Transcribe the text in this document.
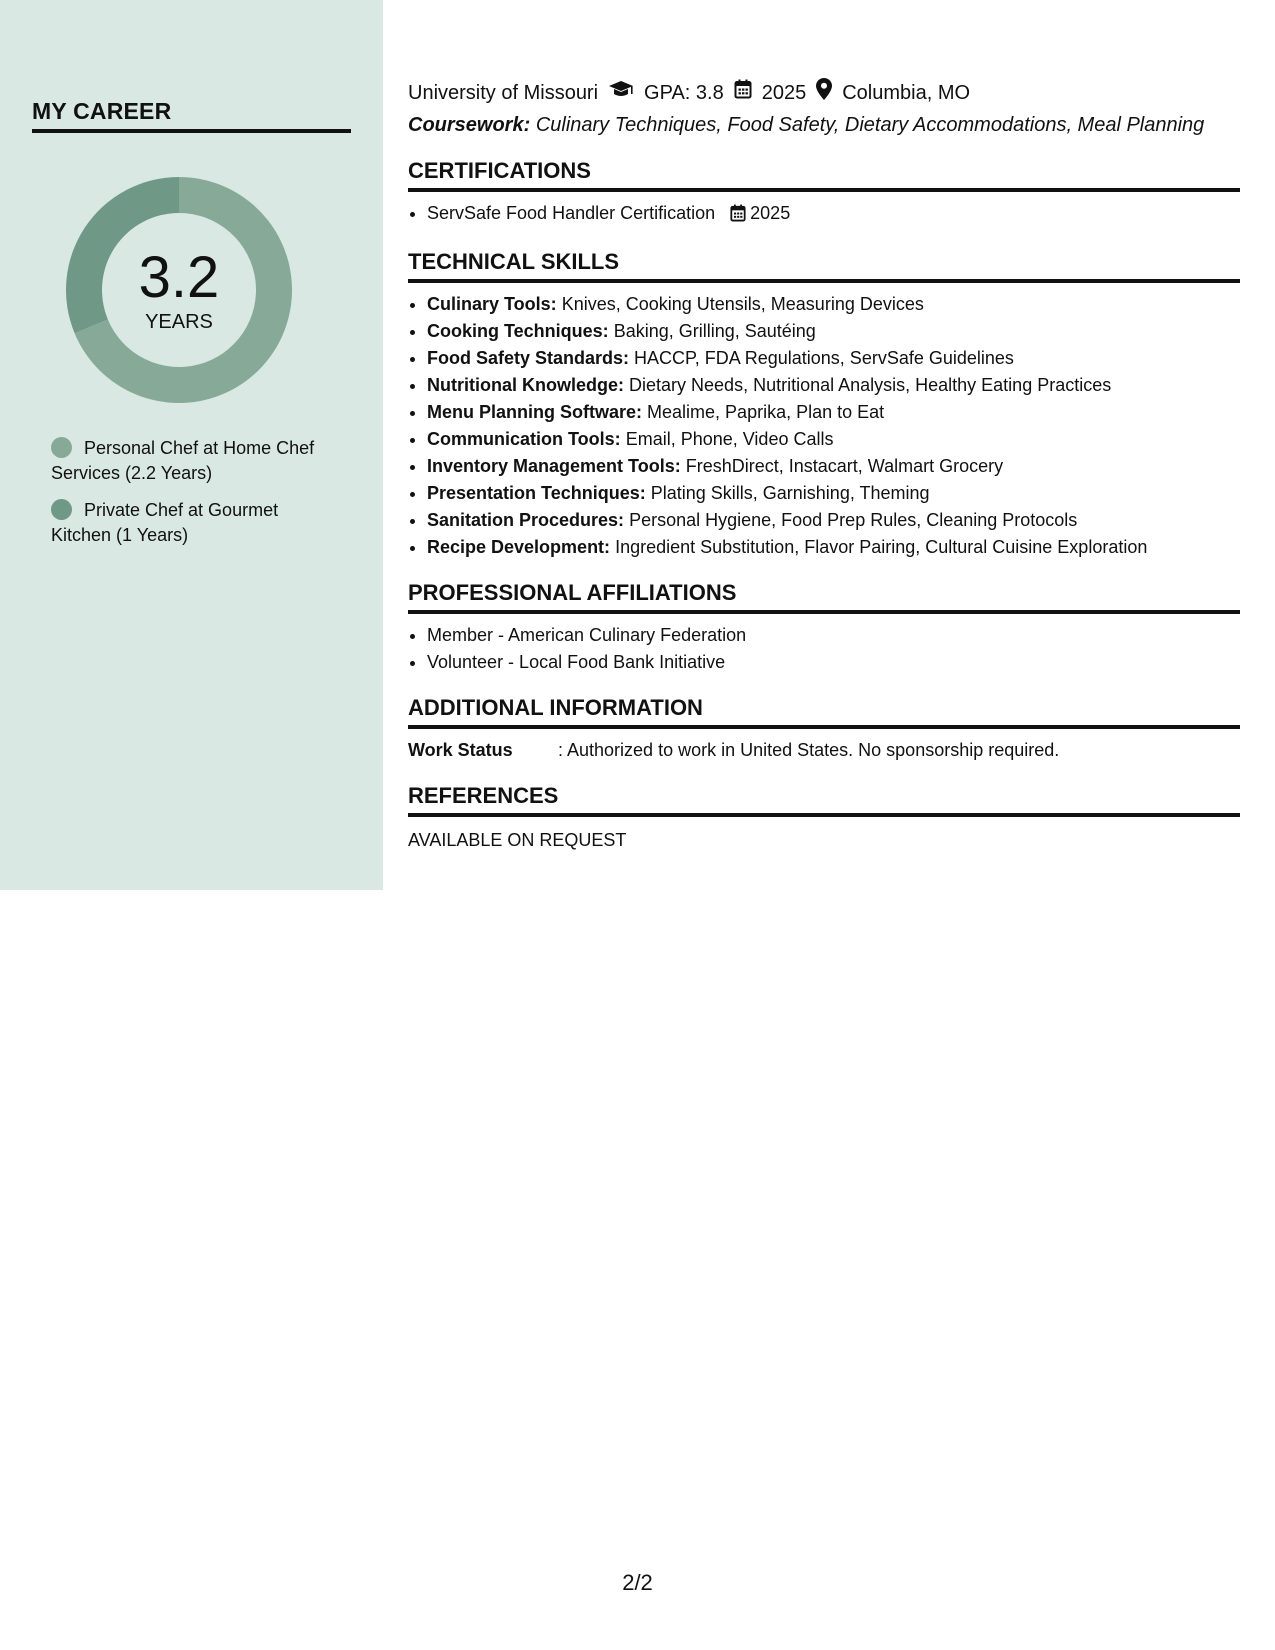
MY CAREER
3.2
YEARS
Personal Chef at Home Chef Services (2.2 Years)
Private Chef at Gourmet Kitchen (1 Years)
University of Missouri GPA: 3.8 2025 Columbia, MO
Coursework: Culinary Techniques, Food Safety, Dietary Accommodations, Meal Planning
CERTIFICATIONS
• ServSafe Food Handler Certification 2025
TECHNICAL SKILLS
• Culinary Tools: Knives, Cooking Utensils, Measuring Devices
• Cooking Techniques: Baking, Grilling, Sautéing
• Food Safety Standards: HACCP, FDA Regulations, ServSafe Guidelines
• Nutritional Knowledge: Dietary Needs, Nutritional Analysis, Healthy Eating Practices
• Menu Planning Software: Mealime, Paprika, Plan to Eat
• Communication Tools: Email, Phone, Video Calls
• Inventory Management Tools: FreshDirect, Instacart, Walmart Grocery
• Presentation Techniques: Plating Skills, Garnishing, Theming
• Sanitation Procedures: Personal Hygiene, Food Prep Rules, Cleaning Protocols
• Recipe Development: Ingredient Substitution, Flavor Pairing, Cultural Cuisine Exploration
PROFESSIONAL AFFILIATIONS
• Member - American Culinary Federation
• Volunteer - Local Food Bank Initiative
ADDITIONAL INFORMATION
Work Status	: Authorized to work in United States. No sponsorship required.
REFERENCES
AVAILABLE ON REQUEST
2/2
